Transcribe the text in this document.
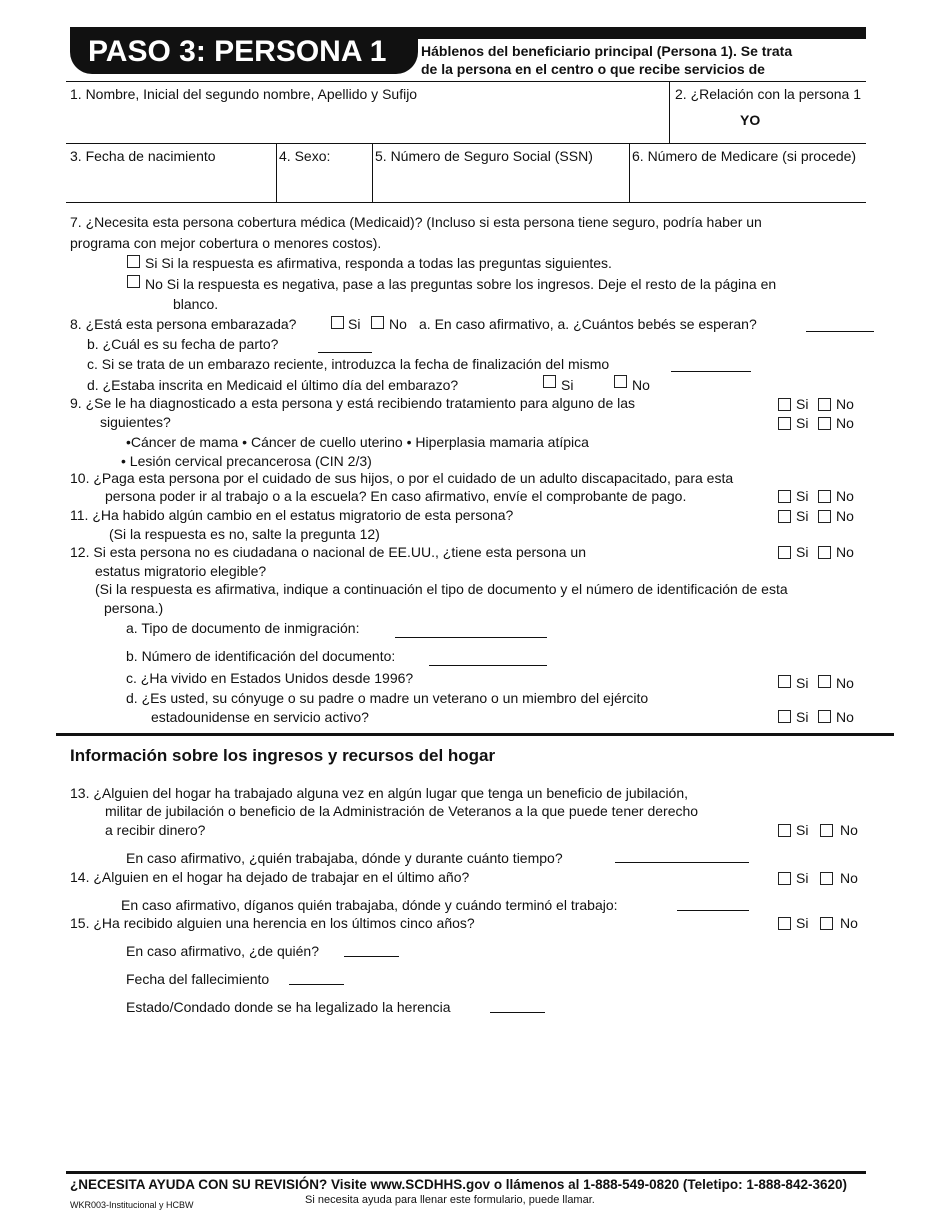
PASO 3: PERSONA 1	Háblenos del beneficiario principal (Persona 1). Se trata
de la persona en el centro o que recibe servicios de
1. Nombre, Inicial del segundo nombre, Apellido y Sufijo	2. ¿Relación con la persona 1
YO
3. Fecha de nacimiento	4. Sexo:	5. Número de Seguro Social (SSN)	6. Número de Medicare (si procede)
7. ¿Necesita esta persona cobertura médica (Medicaid)? (Incluso si esta persona tiene seguro, podría haber un
programa con mejor cobertura o menores costos).
Si Si la respuesta es afirmativa, responda a todas las preguntas siguientes.
No Si la respuesta es negativa, pase a las preguntas sobre los ingresos. Deje el resto de la página en
blanco.
8. ¿Está esta persona embarazada?	Si No a. En caso afirmativo, a. ¿Cuántos bebés se esperan?
b. ¿Cuál es su fecha de parto?
c. Si se trata de un embarazo reciente, introduzca la fecha de finalización del mismo
d. ¿Estaba inscrita en Medicaid el último día del embarazo?	Si	No
9. ¿Se le ha diagnosticado a esta persona y está recibiendo tratamiento para alguno de las
siguientes?
•Cáncer de mama • Cáncer de cuello uterino • Hiperplasia mamaria atípica
• Lesión cervical precancerosa (CIN 2/3)
Si No
Si No
10. ¿Paga esta persona por el cuidado de sus hijos, o por el cuidado de un adulto discapacitado, para esta
persona poder ir al trabajo o a la escuela? En caso afirmativo, envíe el comprobante de pago.	Si No
11. ¿Ha habido algún cambio en el estatus migratorio de esta persona?
(Si la respuesta es no, salte la pregunta 12)
Si No
12. Si esta persona no es ciudadana o nacional de EE.UU., ¿tiene esta persona un
estatus migratorio elegible?
(Si la respuesta es afirmativa, indique a continuación el tipo de documento y el número de identificación de esta
persona.)
Si No
a. Tipo de documento de inmigración:
b. Número de identificación del documento:
c. ¿Ha vivido en Estados Unidos desde 1996?	Si No
d. ¿Es usted, su cónyuge o su padre o madre un veterano o un miembro del ejército
estadounidense en servicio activo?	Si No
Información sobre los ingresos y recursos del hogar
13. ¿Alguien del hogar ha trabajado alguna vez en algún lugar que tenga un beneficio de jubilación,
militar de jubilación o beneficio de la Administración de Veteranos a la que puede tener derecho
a recibir dinero?	Si No
En caso afirmativo, ¿quién trabajaba, dónde y durante cuánto tiempo?
14. ¿Alguien en el hogar ha dejado de trabajar en el último año?	Si No
En caso afirmativo, díganos quién trabajaba, dónde y cuándo terminó el trabajo:
15. ¿Ha recibido alguien una herencia en los últimos cinco años?	Si No
En caso afirmativo, ¿de quién?
Fecha del fallecimiento
Estado/Condado donde se ha legalizado la herencia
¿NECESITA AYUDA CON SU REVISIÓN? Visite www.SCDHHS.gov o llámenos al 1-888-549-0820 (Teletipo: 1-888-842-3620)
Si necesita ayuda para llenar este formulario, puede llamar.
WKR003-Institucional y HCBW
